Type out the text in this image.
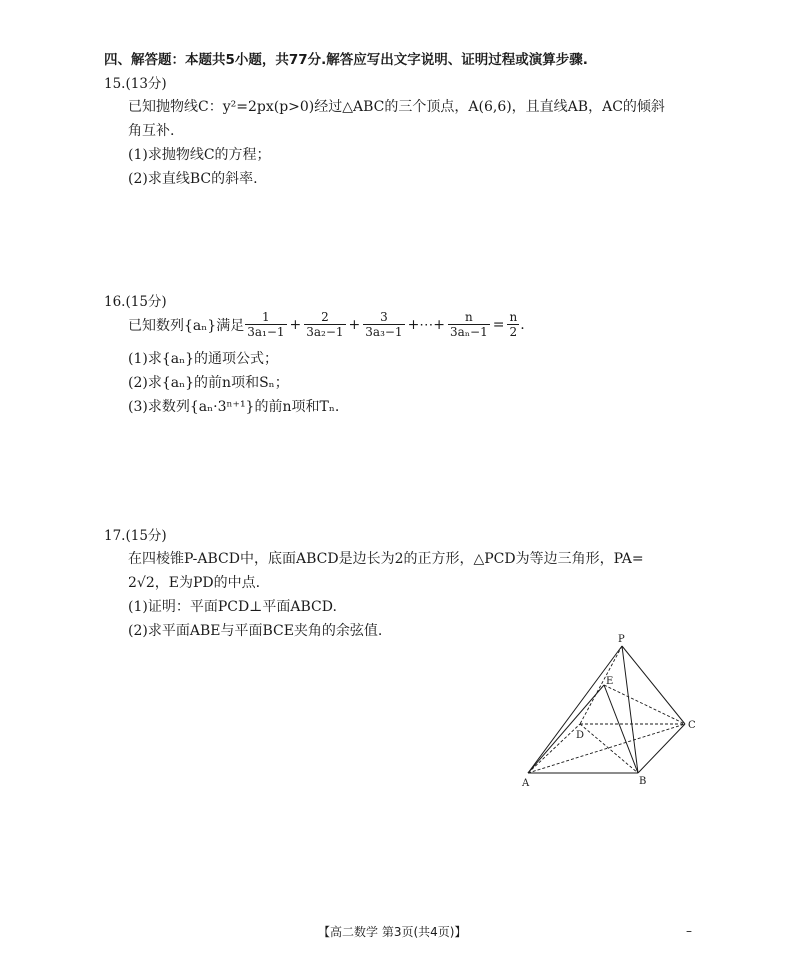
四、解答题：本题共5小题，共77分.解答应写出文字说明、证明过程或演算步骤.
15.(13分)
已知抛物线C：y²=2px(p>0)经过△ABC的三个顶点，A(6,6)，且直线AB，AC的倾斜
角互补.
(1)求抛物线C的方程；
(2)求直线BC的斜率.
16.(15分)
已知数列{aₙ}满足 $\frac{1}{\text{3a₁−1}} + \frac{2}{\text{3a₂−1}} + \frac{3}{\text{3a₃−1}}$ +⋯+ $\frac{n}{\text{3aₙ−1}} = \frac{n}{2}$ .
(1)求{aₙ}的通项公式；
(2)求{aₙ}的前n项和Sₙ；
(3)求数列{aₙ·3ⁿ⁺¹}的前n项和Tₙ.
17.(15分)
在四棱锥P-ABCD中，底面ABCD是边长为2的正方形，△PCD为等边三角形，PA=
2√2，E为PD的中点.
(1)证明：平面PCD⊥平面ABCD.
(2)求平面ABE与平面BCE夹角的余弦值.
P
E
D
C
A	B
【高二数学 第3页(共4页)】	–
